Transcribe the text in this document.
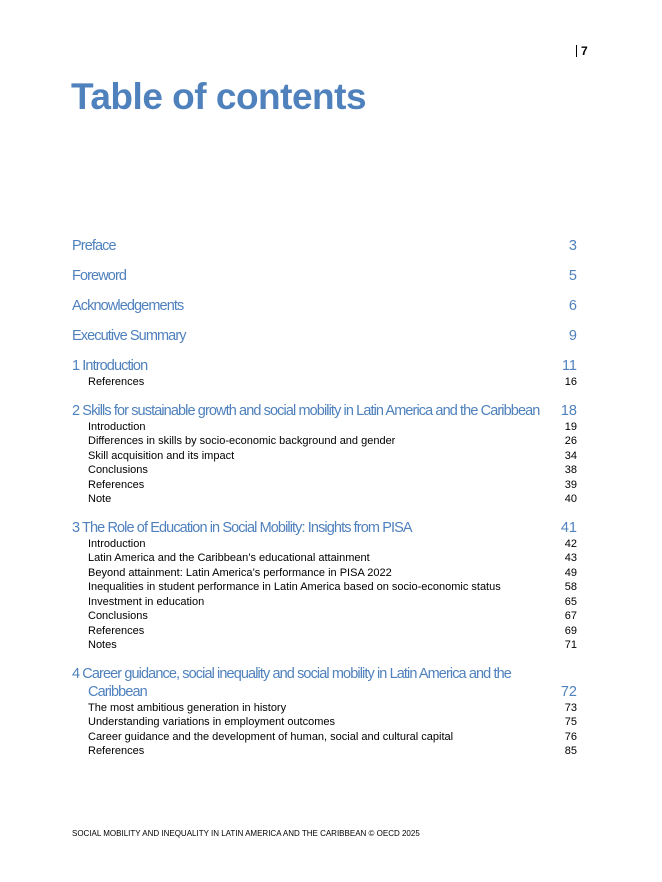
7
Table of contents
Preface	3
Foreword	5
Acknowledgements	6
Executive Summary	9
1 Introduction	11
References	16
2 Skills for sustainable growth and social mobility in Latin America and the Caribbean 18
Introduction	19
Differences in skills by socio-economic background and gender	26
Skill acquisition and its impact	34
Conclusions	38
References	39
Note	40
3 The Role of Education in Social Mobility: Insights from PISA	41
Introduction	42
Latin America and the Caribbean’s educational attainment	43
Beyond attainment: Latin America’s performance in PISA 2022	49
Inequalities in student performance in Latin America based on socio-economic status	58
Investment in education	65
Conclusions	67
References	69
Notes	71
4 Career guidance, social inequality and social mobility in Latin America and the Caribbean	72
The most ambitious generation in history	73
Understanding variations in employment outcomes	75
Career guidance and the development of human, social and cultural capital	76
References	85
SOCIAL MOBILITY AND INEQUALITY IN LATIN AMERICA AND THE CARIBBEAN © OECD 2025
